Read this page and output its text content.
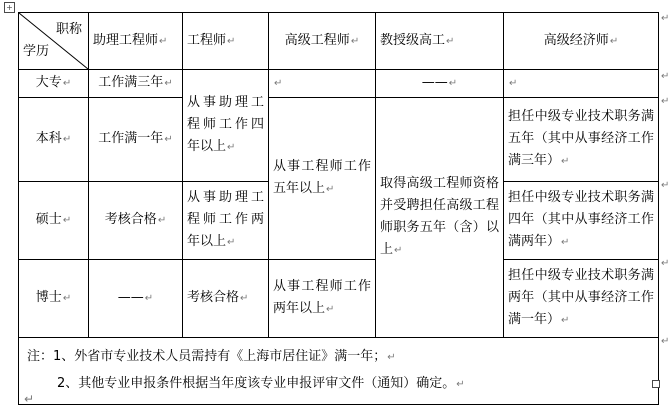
+
职称
学历	助理工程师↵	工程师↵	高级工程师↵	教授级高工↵	高级经济师↵
大专↵	工作满三年↵	从事助理工程师工作四年以上↵	↵	——↵	↵
本科↵	工作满一年↵		从事工程师工作五年以上↵	取得高级工程师资格并受聘担任高级工程师职务五年（含）以上↵	担任中级专业技术职务满五年（其中从事经济工作满三年）↵
硕士↵	考核合格↵	从事助理工程师工作两年以上↵			担任中级专业技术职务满四年（其中从事经济工作满两年）↵
博士↵	——↵	考核合格↵	从事工程师工作两年以上↵		担任中级专业技术职务满两年（其中从事经济工作满一年）↵

注：1、外省市专业技术人员需持有《上海市居住证》满一年；↵
2、其他专业申报条件根据当年度该专业申报评审文件（通知）确定。↵					
↵
↵
↵
↵
↵
↵
↵
